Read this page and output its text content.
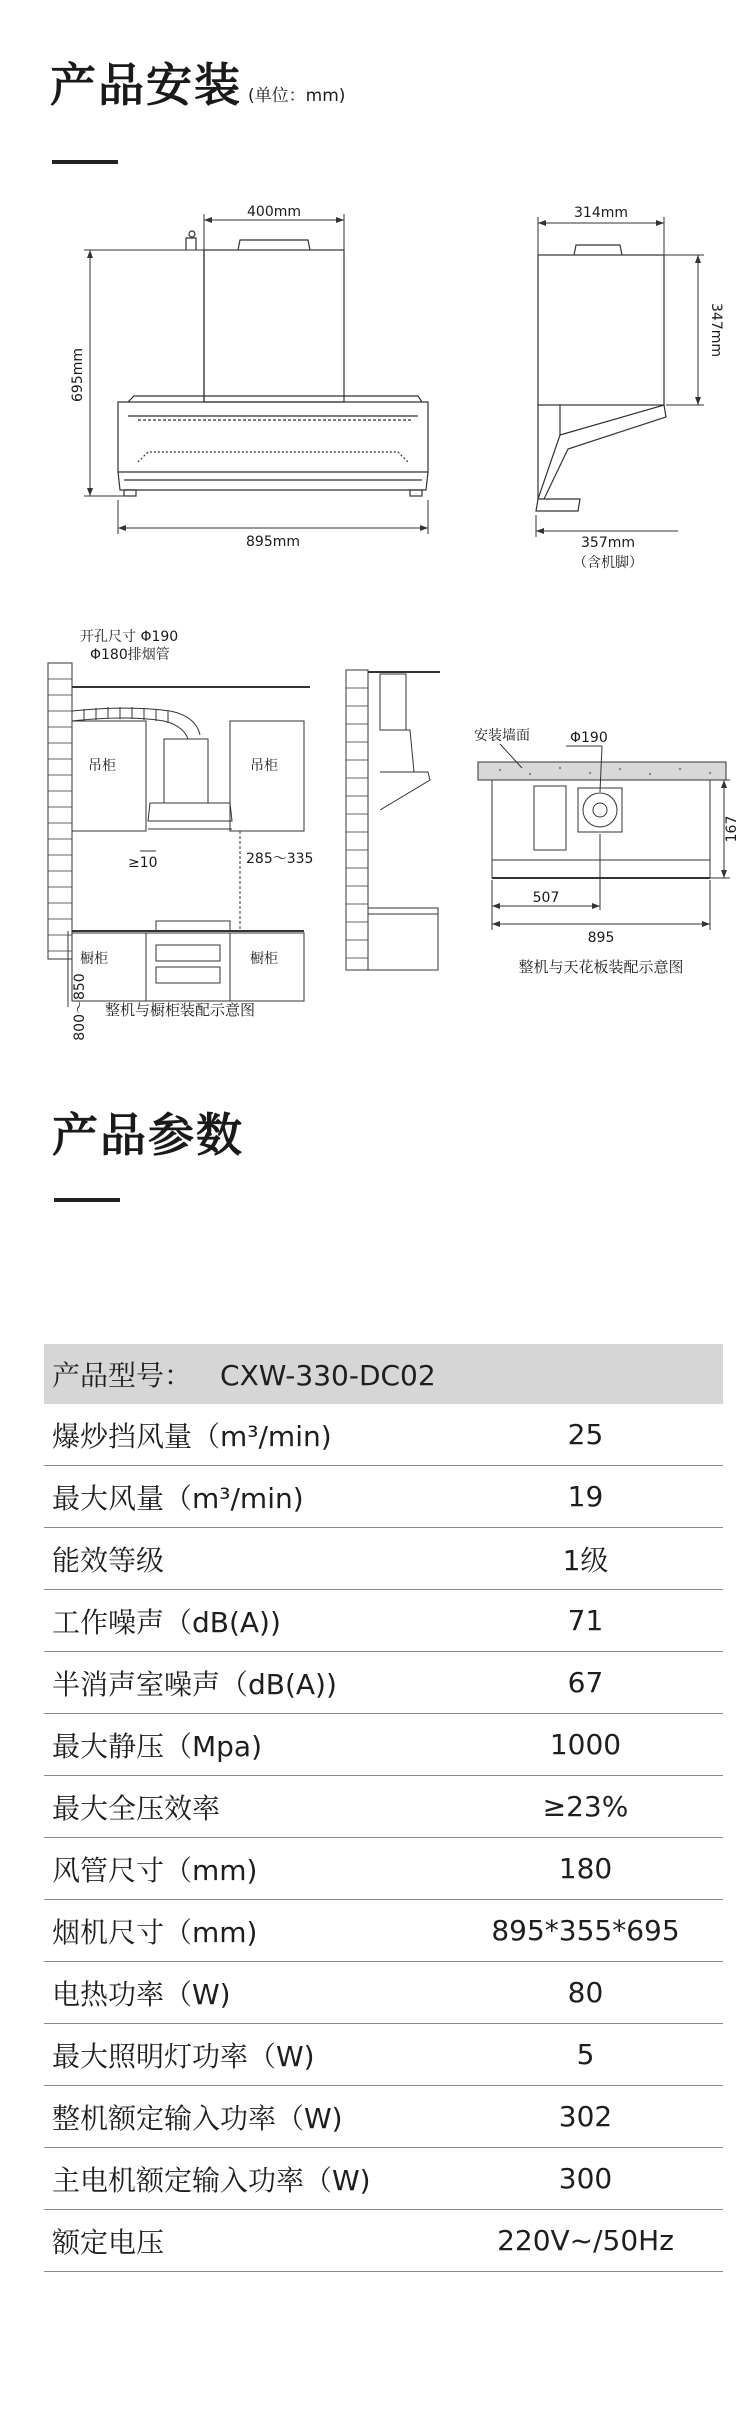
产品安装 (单位：mm)
400mm
695mm
895mm
314mm
347mm
357mm
（含机脚）
吊柜	吊柜
橱柜	橱柜
开孔尺寸 Φ190
Φ180排烟管
≥10	285～335
800～850 整机与橱柜装配示意图
安装墙面	Φ190
507
895
167
整机与天花板装配示意图
产品参数
产品型号： CXW-330-DC02	
爆炒挡风量（m³/min)	25
最大风量（m³/min)	19
能效等级	1级
工作噪声（dB(A))	71
半消声室噪声（dB(A))	67
最大静压（Mpa)	1000
最大全压效率	≥23%
风管尺寸（mm)	180
烟机尺寸（mm)	895*355*695
电热功率（W)	80
最大照明灯功率（W)	5
整机额定输入功率（W)	302
主电机额定输入功率（W)	300
额定电压	220V~/50Hz
